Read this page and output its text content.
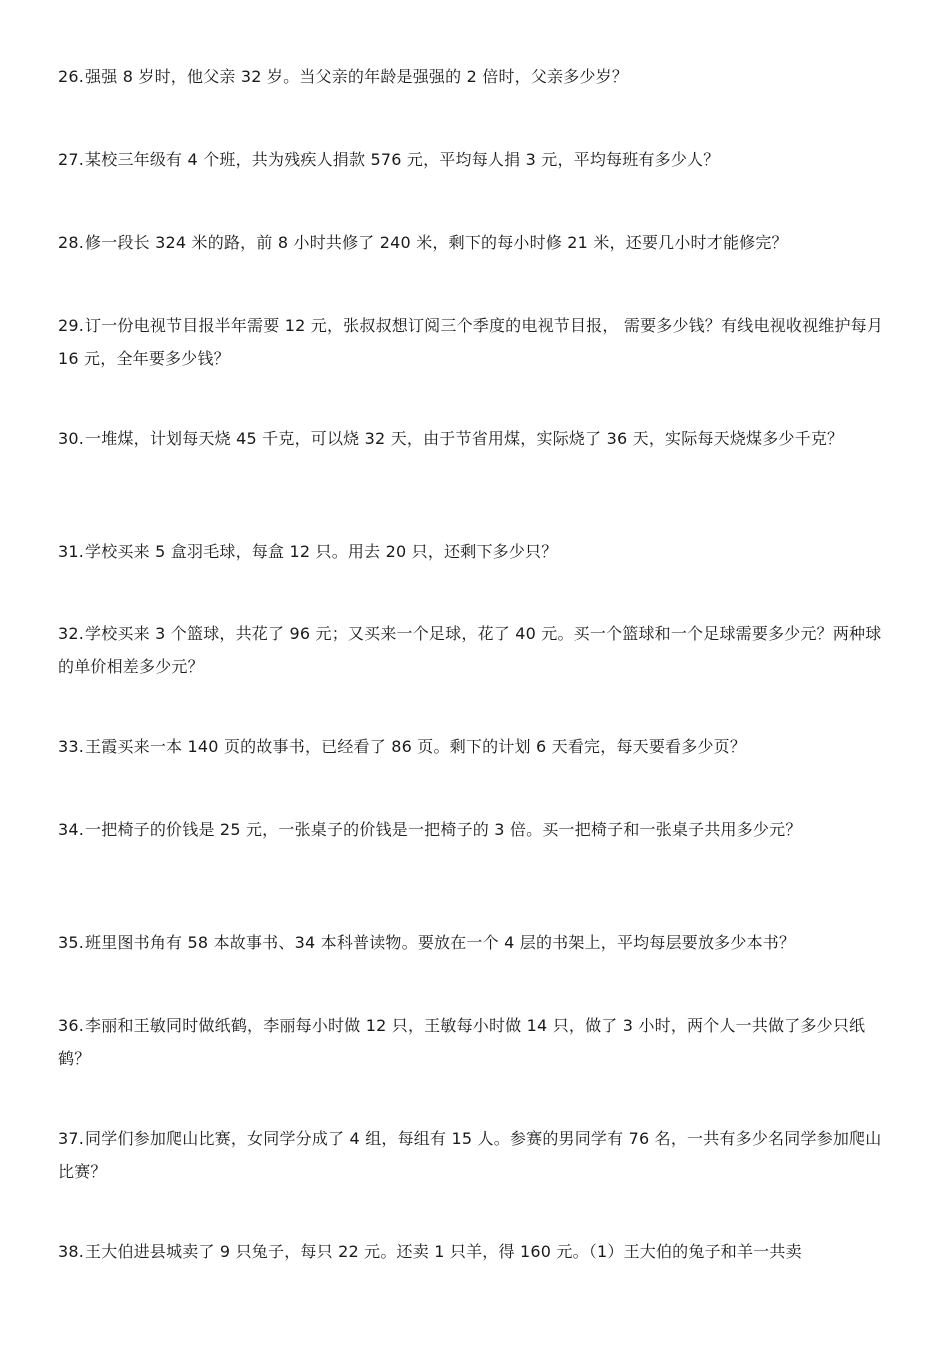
26.强强 8 岁时，他父亲 32 岁。当父亲的年龄是强强的 2 倍时，父亲多少岁？
27.某校三年级有 4 个班，共为残疾人捐款 576 元，平均每人捐 3 元，平均每班有多少人？
28.修一段长 324 米的路，前 8 小时共修了 240 米，剩下的每小时修 21 米，还要几小时才能修完？
29.订一份电视节目报半年需要 12 元，张叔叔想订阅三个季度的电视节目报， 需要多少钱？有线电视收视维护每月 16 元，全年要多少钱？
30.一堆煤，计划每天烧 45 千克，可以烧 32 天，由于节省用煤，实际烧了 36 天，实际每天烧煤多少千克？
31.学校买来 5 盒羽毛球，每盒 12 只。用去 20 只，还剩下多少只？
32.学校买来 3 个篮球，共花了 96 元；又买来一个足球，花了 40 元。买一个篮球和一个足球需要多少元？两种球的单价相差多少元？
33.王霞买来一本 140 页的故事书，已经看了 86 页。剩下的计划 6 天看完，每天要看多少页？
34.一把椅子的价钱是 25 元，一张桌子的价钱是一把椅子的 3 倍。买一把椅子和一张桌子共用多少元？
35.班里图书角有 58 本故事书、34 本科普读物。要放在一个 4 层的书架上，平均每层要放多少本书？
36.李丽和王敏同时做纸鹤，李丽每小时做 12 只，王敏每小时做 14 只，做了 3 小时，两个人一共做了多少只纸鹤？
37.同学们参加爬山比赛，女同学分成了 4 组，每组有 15 人。参赛的男同学有 76 名，一共有多少名同学参加爬山比赛？
38.王大伯进县城卖了 9 只兔子，每只 22 元。还卖 1 只羊，得 160 元。（1）王大伯的兔子和羊一共卖
